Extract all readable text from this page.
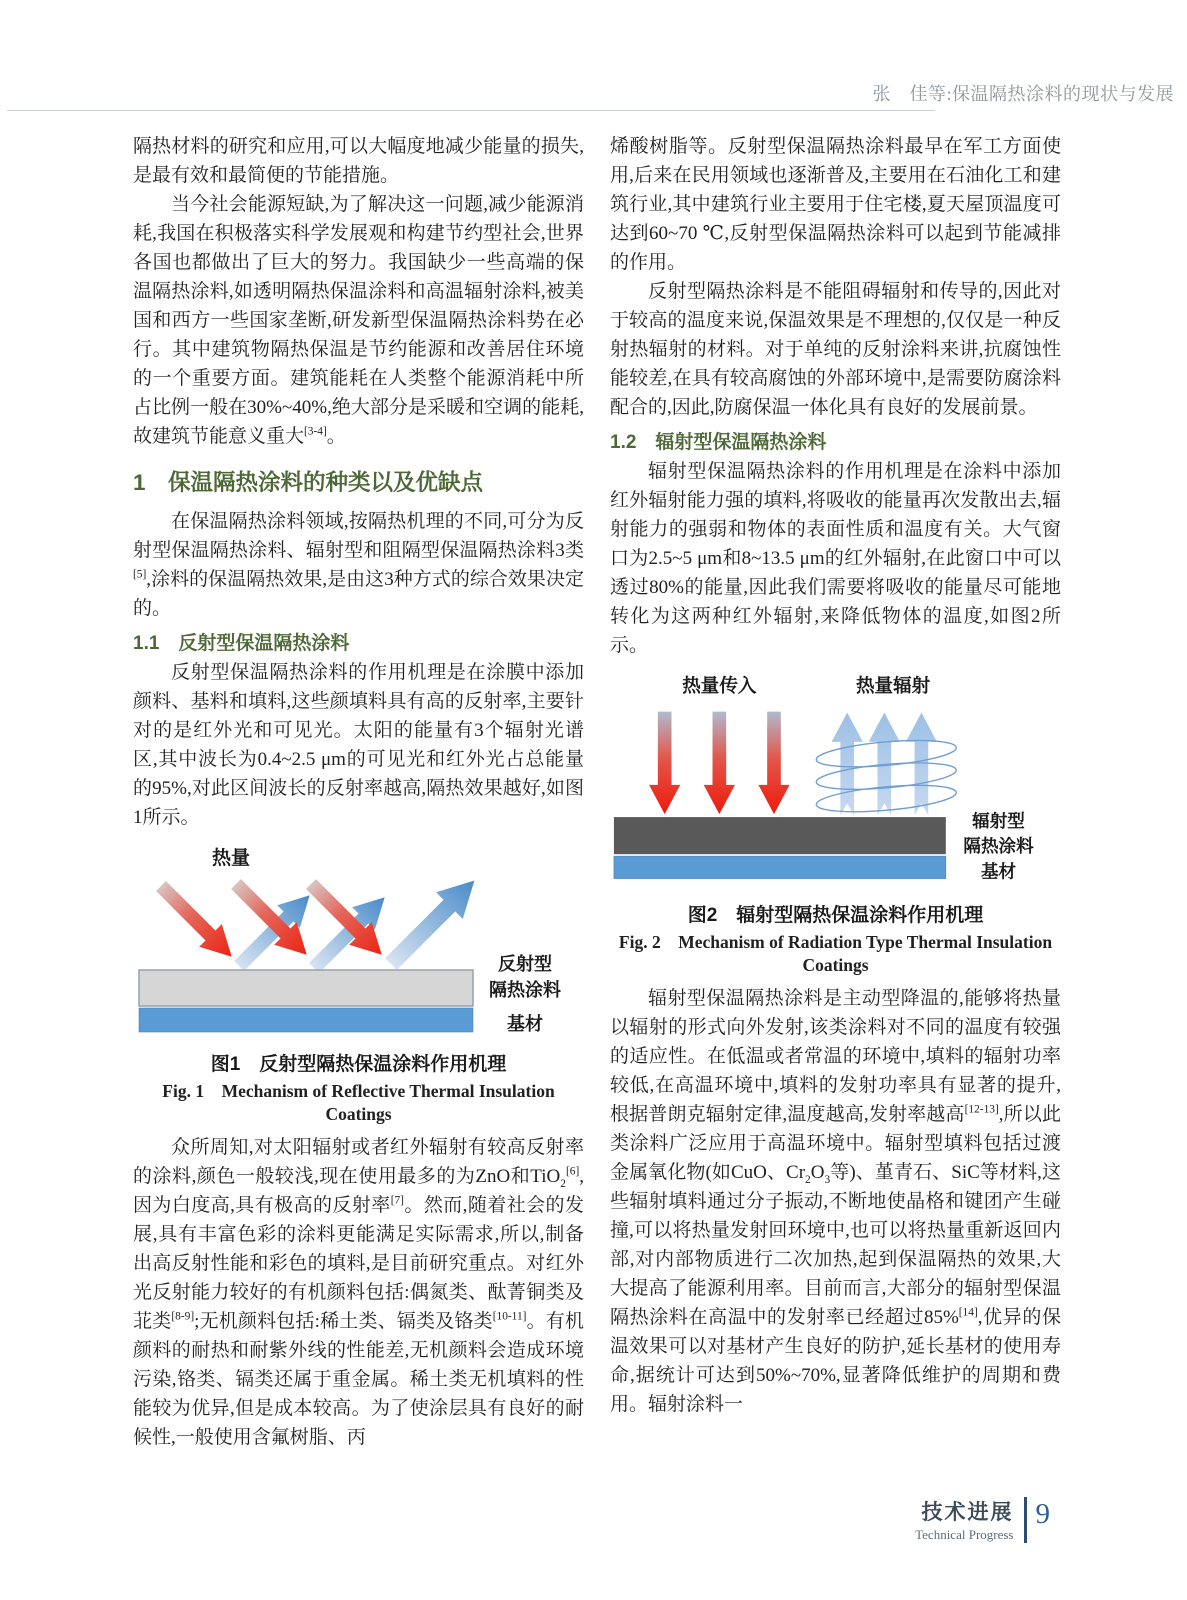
张　佳等:保温隔热涂料的现状与发展

隔热材料的研究和应用,可以大幅度地减少能量的损失,是最有效和最简便的节能措施。

当今社会能源短缺,为了解决这一问题,减少能源消耗,我国在积极落实科学发展观和构建节约型社会,世界各国也都做出了巨大的努力。我国缺少一些高端的保温隔热涂料,如透明隔热保温涂料和高温辐射涂料,被美国和西方一些国家垄断,研发新型保温隔热涂料势在必行。其中建筑物隔热保温是节约能源和改善居住环境的一个重要方面。建筑能耗在人类整个能源消耗中所占比例一般在30%~40%,绝大部分是采暖和空调的能耗,故建筑节能意义重大[3-4]。

1　保温隔热涂料的种类以及优缺点

在保温隔热涂料领域,按隔热机理的不同,可分为反射型保温隔热涂料、辐射型和阻隔型保温隔热涂料3类[5],涂料的保温隔热效果,是由这3种方式的综合效果决定的。

1.1　反射型保温隔热涂料

反射型保温隔热涂料的作用机理是在涂膜中添加颜料、基料和填料,这些颜填料具有高的反射率,主要针对的是红外光和可见光。太阳的能量有3个辐射光谱区,其中波长为0.4~2.5 μm的可见光和红外光占总能量的95%,对此区间波长的反射率越高,隔热效果越好,如图1所示。

热量
反射型
隔热涂料
基材
图1　反射型隔热保温涂料作用机理
Fig. 1　Mechanism of Reflective Thermal Insulation
Coatings

众所周知,对太阳辐射或者红外辐射有较高反射率的涂料,颜色一般较浅,现在使用最多的为ZnO和TiO$_2$[6],因为白度高,具有极高的反射率[7]。然而,随着社会的发展,具有丰富色彩的涂料更能满足实际需求,所以,制备出高反射性能和彩色的填料,是目前研究重点。对红外光反射能力较好的有机颜料包括:偶氮类、酞菁铜类及苝类[8-9];无机颜料包括:稀土类、镉类及铬类[10-11]。有机颜料的耐热和耐紫外线的性能差,无机颜料会造成环境污染,铬类、镉类还属于重金属。稀土类无机填料的性能较为优异,但是成本较高。为了使涂层具有良好的耐候性,一般使用含氟树脂、丙

烯酸树脂等。反射型保温隔热涂料最早在军工方面使用,后来在民用领域也逐渐普及,主要用在石油化工和建筑行业,其中建筑行业主要用于住宅楼,夏天屋顶温度可达到60~70 ℃,反射型保温隔热涂料可以起到节能减排的作用。

反射型隔热涂料是不能阻碍辐射和传导的,因此对于较高的温度来说,保温效果是不理想的,仅仅是一种反射热辐射的材料。对于单纯的反射涂料来讲,抗腐蚀性能较差,在具有较高腐蚀的外部环境中,是需要防腐涂料配合的,因此,防腐保温一体化具有良好的发展前景。

1.2　辐射型保温隔热涂料

辐射型保温隔热涂料的作用机理是在涂料中添加红外辐射能力强的填料,将吸收的能量再次发散出去,辐射能力的强弱和物体的表面性质和温度有关。大气窗口为2.5~5 μm和8~13.5 μm的红外辐射,在此窗口中可以透过80%的能量,因此我们需要将吸收的能量尽可能地转化为这两种红外辐射,来降低物体的温度,如图2所示。

热量传入	热量辐射
辐射型
隔热涂料
基材
图2　辐射型隔热保温涂料作用机理
Fig. 2　Mechanism of Radiation Type Thermal Insulation
Coatings

辐射型保温隔热涂料是主动型降温的,能够将热量以辐射的形式向外发射,该类涂料对不同的温度有较强的适应性。在低温或者常温的环境中,填料的辐射功率较低,在高温环境中,填料的发射功率具有显著的提升,根据普朗克辐射定律,温度越高,发射率越高[12-13],所以此类涂料广泛应用于高温环境中。辐射型填料包括过渡金属氧化物(如CuO、$Cr_2O_3$等)、堇青石、SiC等材料,这些辐射填料通过分子振动,不断地使晶格和键团产生碰撞,可以将热量发射回环境中,也可以将热量重新返回内部,对内部物质进行二次加热,起到保温隔热的效果,大大提高了能源利用率。目前而言,大部分的辐射型保温隔热涂料在高温中的发射率已经超过85%[14],优异的保温效果可以对基材产生良好的防护,延长基材的使用寿命,据统计可达到50%~70%,显著降低维护的周期和费用。辐射涂料一

技术进展
Technical Progress
9
